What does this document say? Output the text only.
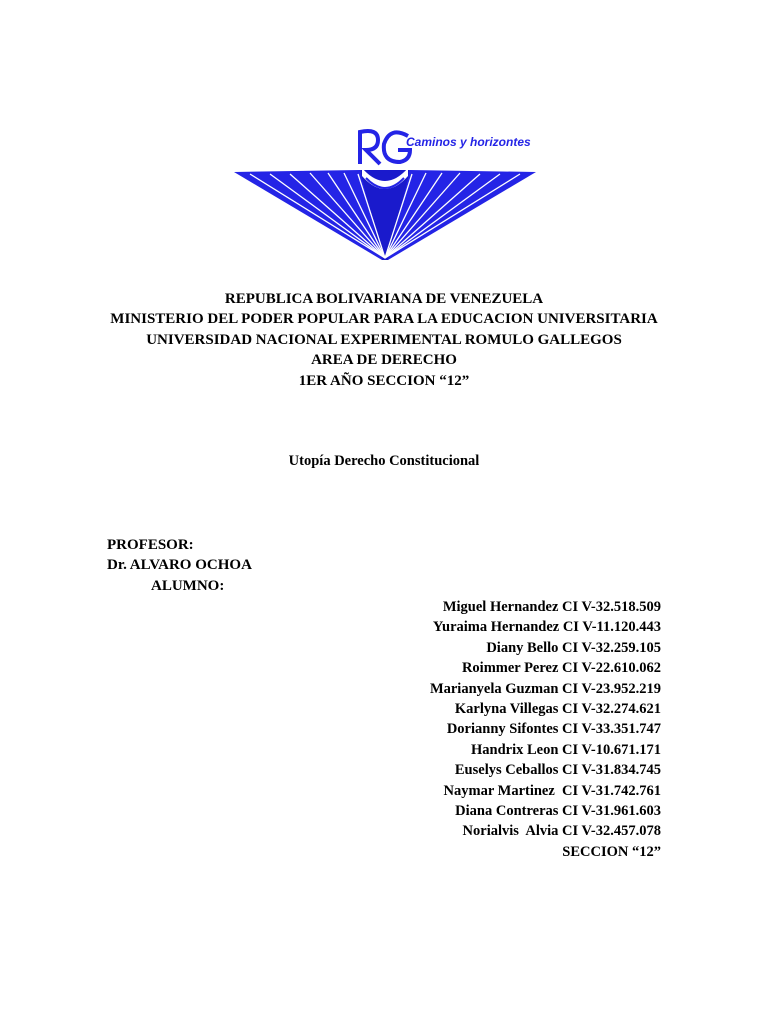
Caminos y horizontes
REPUBLICA BOLIVARIANA DE VENEZUELA
MINISTERIO DEL PODER POPULAR PARA LA EDUCACION UNIVERSITARIA
UNIVERSIDAD NACIONAL EXPERIMENTAL ROMULO GALLEGOS
AREA DE DERECHO
1ER AÑO SECCION “12”
Utopía Derecho Constitucional
PROFESOR:
Dr. ALVARO OCHOA
ALUMNO:
Miguel Hernandez CI V-32.518.509
Yuraima Hernandez CI V-11.120.443
Diany Bello CI V-32.259.105
Roimmer Perez CI V-22.610.062
Marianyela Guzman CI V-23.952.219
Karlyna Villegas CI V-32.274.621
Dorianny Sifontes CI V-33.351.747
Handrix Leon CI V-10.671.171
Euselys Ceballos CI V-31.834.745
Naymar Martinez  CI V-31.742.761
Diana Contreras CI V-31.961.603
Norialvis  Alvia CI V-32.457.078
SECCION “12”
